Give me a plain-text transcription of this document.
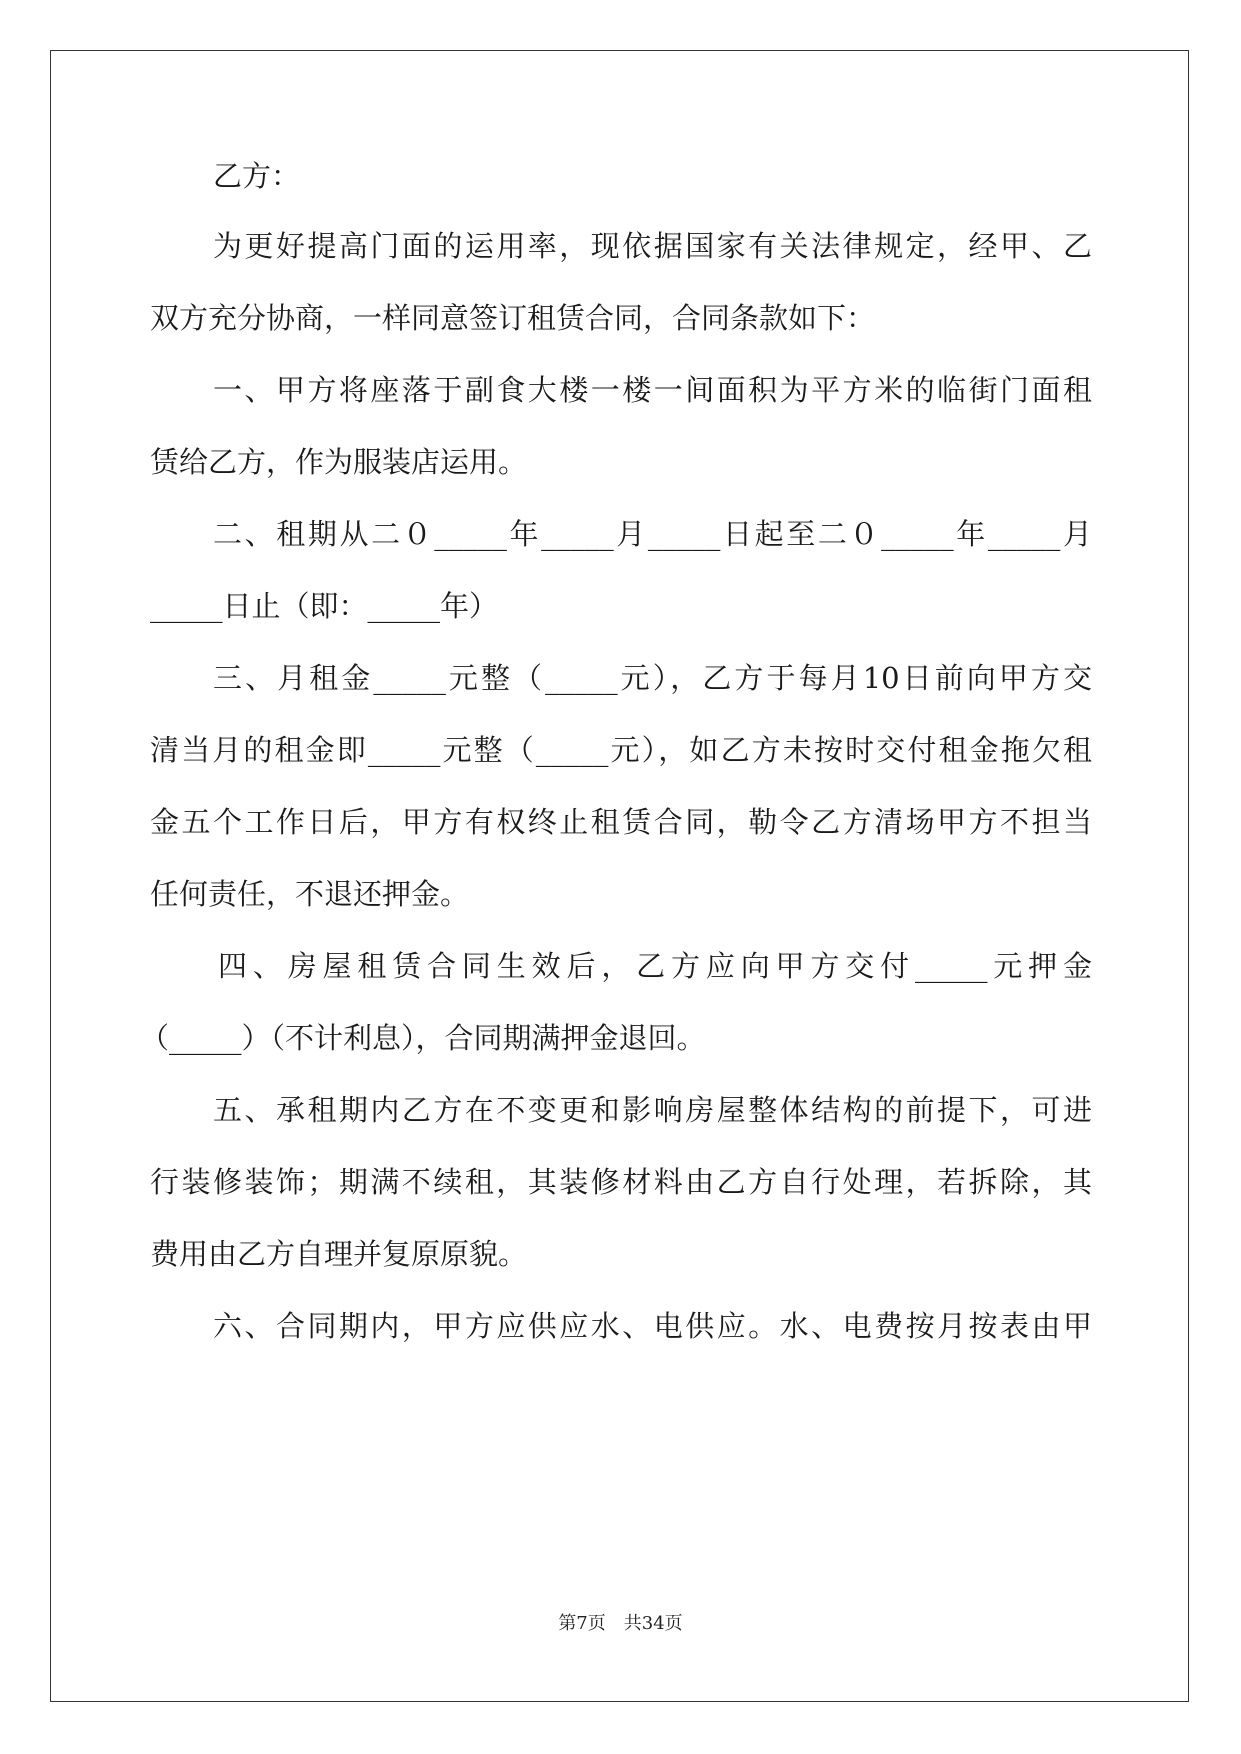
乙方：
为更好提高门面的运用率，现依据国家有关法律规定，经甲、乙
双方充分协商，一样同意签订租赁合同，合同条款如下：
一、甲方将座落于副食大楼一楼一间面积为平方米的临街门面租
赁给乙方，作为服装店运用。
二、租期从二０_____年_____月_____日起至二０_____年_____月
_____日止（即：_____年）
三、月租金_____元整（_____元），乙方于每月10日前向甲方交
清当月的租金即_____元整（_____元），如乙方未按时交付租金拖欠租
金五个工作日后，甲方有权终止租赁合同，勒令乙方清场甲方不担当
任何责任，不退还押金。
四、房屋租赁合同生效后，乙方应向甲方交付_____元押金
（_____）（不计利息），合同期满押金退回。
五、承租期内乙方在不变更和影响房屋整体结构的前提下，可进
行装修装饰；期满不续租，其装修材料由乙方自行处理，若拆除，其
费用由乙方自理并复原原貌。
六、合同期内，甲方应供应水、电供应。水、电费按月按表由甲
第7页　共34页
